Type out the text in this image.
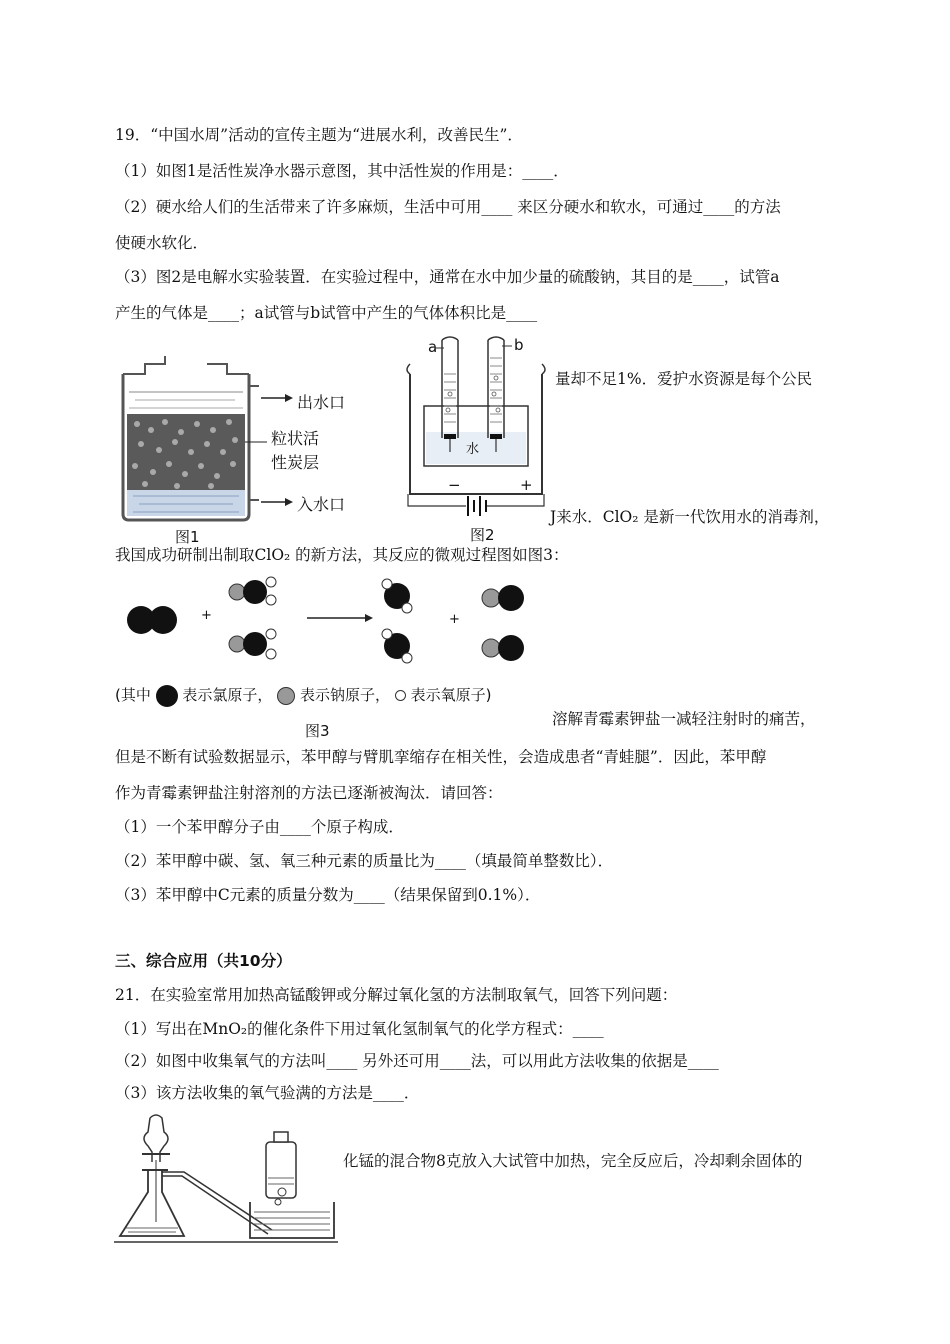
19．“中国水周”活动的宣传主题为“进展水利，改善民生”．
（1）如图1是活性炭净水器示意图，其中活性炭的作用是：____．
（2）硬水给人们的生活带来了许多麻烦，生活中可用____ 来区分硬水和软水，可通过____的方法
使硬水软化．
（3）图2是电解水实验装置．在实验过程中，通常在水中加少量的硫酸钠，其目的是____，试管a
产生的气体是____；a试管与b试管中产生的气体体积比是____
出水口
粒状活
性炭层
入水口
图1
a	b
水
−	+
图2
量却不足1%．爱护水资源是每个公民
J来水．ClO₂ 是新一代饮用水的消毒剂，
我国成功研制出制取ClO₂ 的新方法，其反应的微观过程图如图3：
+	+
(其中 表示氯原子， 表示钠原子， 表示氧原子)
图3
溶解青霉素钾盐一减轻注射时的痛苦，
但是不断有试验数据显示，苯甲醇与臂肌挛缩存在相关性，会造成患者“青蛙腿”．因此，苯甲醇
作为青霉素钾盐注射溶剂的方法已逐渐被淘汰．请回答：
（1）一个苯甲醇分子由____个原子构成．
（2）苯甲醇中碳、氢、氧三种元素的质量比为____（填最简单整数比）．
（3）苯甲醇中C元素的质量分数为____（结果保留到0.1%）．
三、综合应用（共10分）
21．在实验室常用加热高锰酸钾或分解过氧化氢的方法制取氧气，回答下列问题：
（1）写出在MnO₂的催化条件下用过氧化氢制氧气的化学方程式：____
（2）如图中收集氧气的方法叫____ 另外还可用____法，可以用此方法收集的依据是____
（3）该方法收集的氧气验满的方法是____．
化锰的混合物8克放入大试管中加热，完全反应后，冷却剩余固体的
